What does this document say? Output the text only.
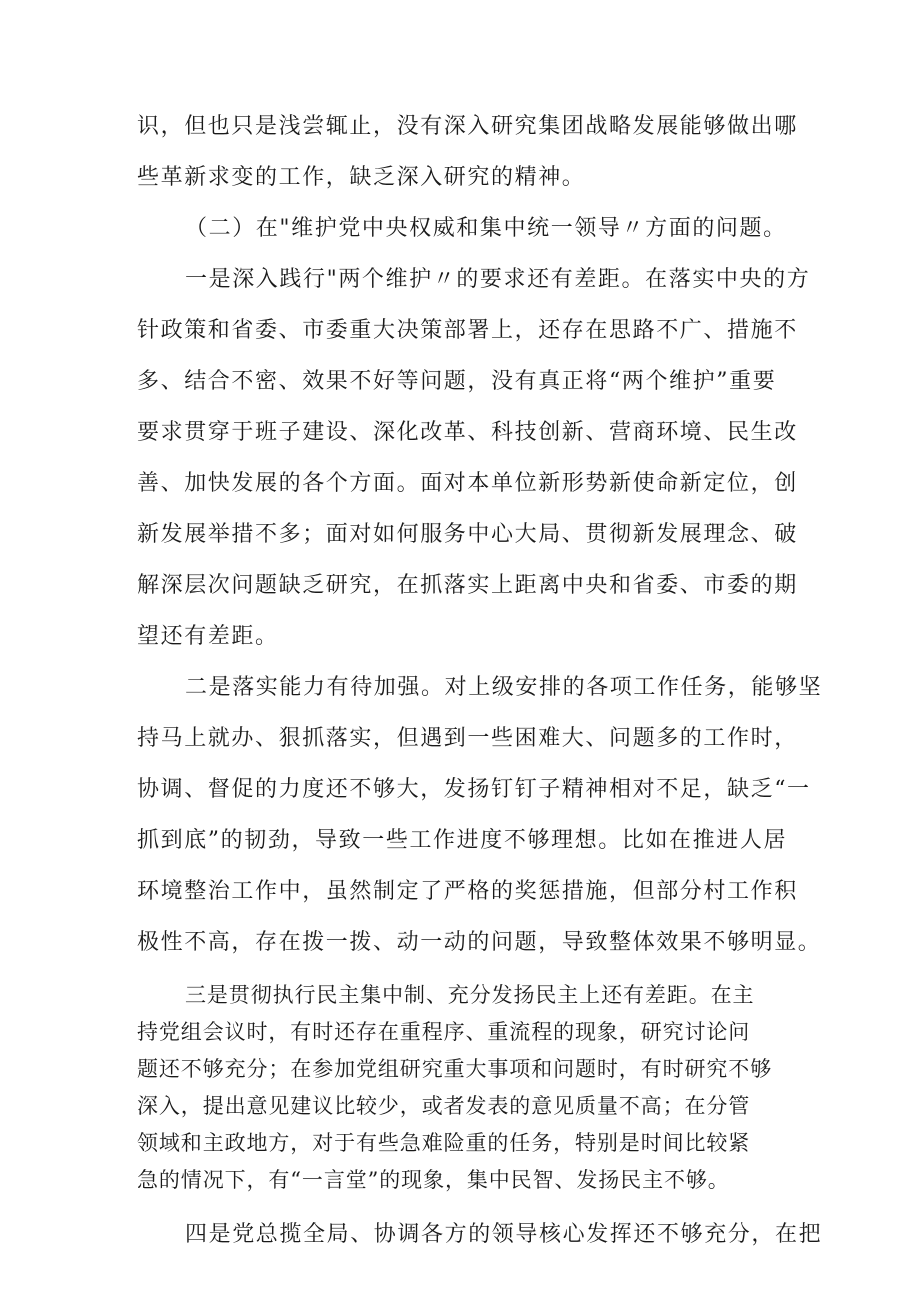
识，但也只是浅尝辄止，没有深入研究集团战略发展能够做出哪
些革新求变的工作，缺乏深入研究的精神。
（二）在"维护党中央权威和集中统一领导〃方面的问题。
一是深入践行"两个维护〃的要求还有差距。在落实中央的方
针政策和省委、市委重大决策部署上，还存在思路不广、措施不
多、结合不密、效果不好等问题，没有真正将“两个维护”重要
要求贯穿于班子建设、深化改革、科技创新、营商环境、民生改
善、加快发展的各个方面。面对本单位新形势新使命新定位，创
新发展举措不多；面对如何服务中心大局、贯彻新发展理念、破
解深层次问题缺乏研究，在抓落实上距离中央和省委、市委的期
望还有差距。
二是落实能力有待加强。对上级安排的各项工作任务，能够坚
持马上就办、狠抓落实，但遇到一些困难大、问题多的工作时，
协调、督促的力度还不够大，发扬钉钉子精神相对不足，缺乏“一
抓到底”的韧劲，导致一些工作进度不够理想。比如在推进人居
环境整治工作中，虽然制定了严格的奖惩措施，但部分村工作积
极性不高，存在拨一拨、动一动的问题，导致整体效果不够明显。
三是贯彻执行民主集中制、充分发扬民主上还有差距。在主
持党组会议时，有时还存在重程序、重流程的现象，研究讨论问
题还不够充分；在参加党组研究重大事项和问题时，有时研究不够
深入，提出意见建议比较少，或者发表的意见质量不高；在分管
领域和主政地方，对于有些急难险重的任务，特别是时间比较紧
急的情况下，有“一言堂”的现象，集中民智、发扬民主不够。
四是党总揽全局、协调各方的领导核心发挥还不够充分，在把
